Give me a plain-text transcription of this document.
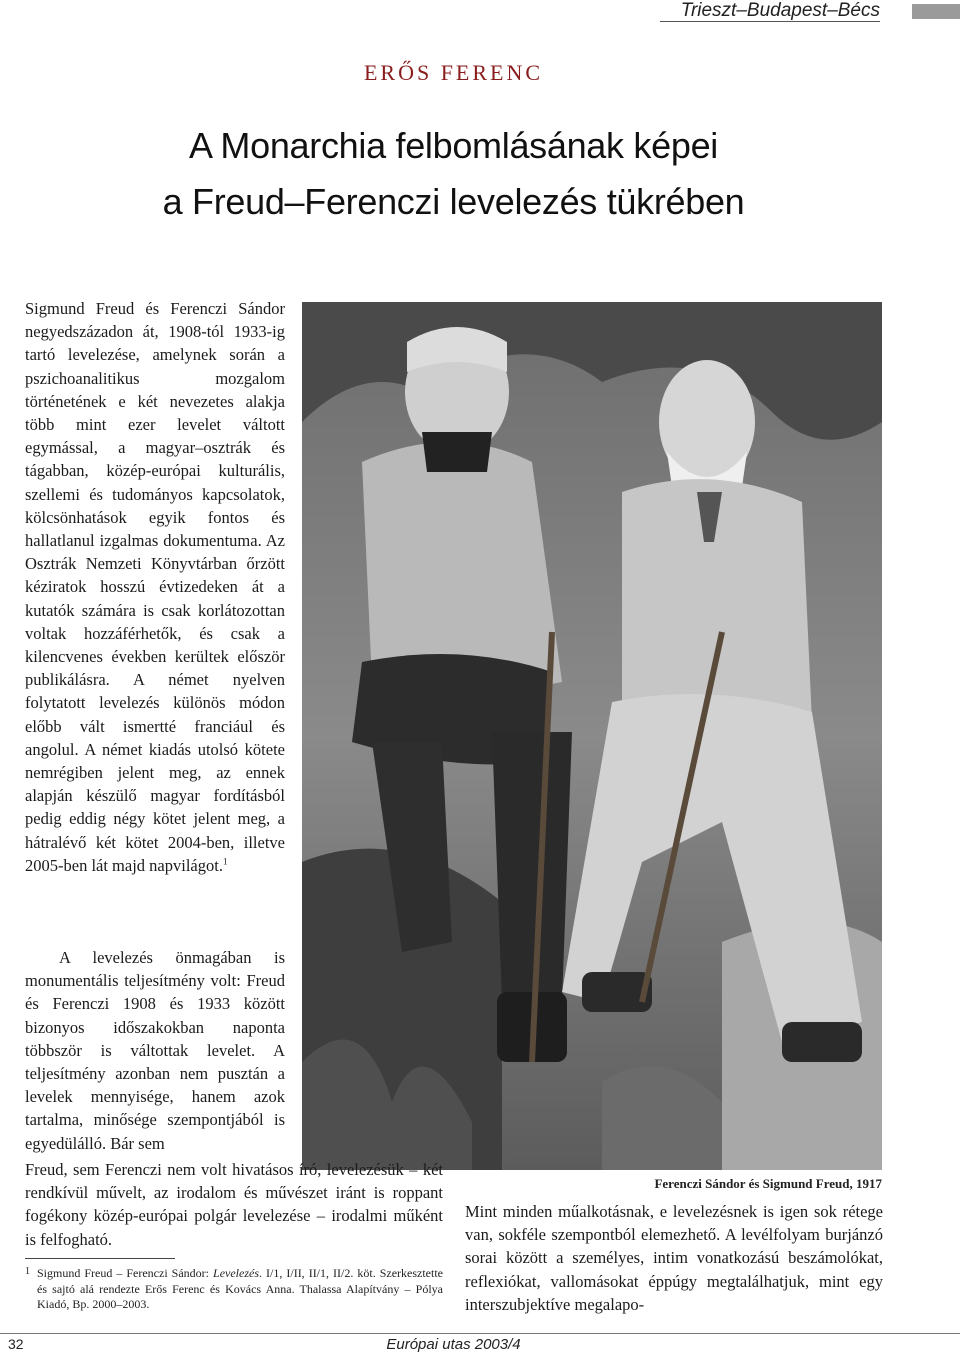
Trieszt–Budapest–Bécs
ERŐS FERENC
A Monarchia felbomlásának képei
a Freud–Ferenczi levelezés tükrében
Ferenczi Sándor és Sigmund Freud, 1917

Sigmund Freud és Ferenczi Sándor negyedszázadon át, 1908-tól 1933-ig tartó levelezése, amelynek során a pszichoanalitikus mozgalom történetének e két nevezetes alakja több mint ezer levelet váltott egymással, a magyar–osztrák és tágabban, közép-európai kulturális, szellemi és tudományos kapcsolatok, kölcsönhatások egyik fontos és hallatlanul izgalmas dokumentuma. Az Osztrák Nemzeti Könyvtárban őrzött kéziratok hosszú évtizedeken át a kutatók számára is csak korlátozottan voltak hozzáférhetők, és csak a kilencvenes években kerültek először publikálásra. A német nyelven folytatott levelezés különös módon előbb vált ismertté franciául és angolul. A német kiadás utolsó kötete nemrégiben jelent meg, az ennek alapján készülő magyar fordításból pedig eddig négy kötet jelent meg, a hátralévő két kötet 2004-ben, illetve 2005-ben lát majd napvilágot.$^1$

A levelezés önmagában is monumentális teljesítmény volt: Freud és Ferenczi 1908 és 1933 között bizonyos időszakokban naponta többször is váltottak levelet. A teljesítmény azonban nem pusztán a levelek mennyisége, hanem azok tartalma, minősége szempontjából is egyedülálló. Bár sem

Freud, sem Ferenczi nem volt hivatásos író, levelezésük – két rendkívül művelt, az irodalom és művészet iránt is roppant fogékony közép-európai polgár levelezése – irodalmi műként is felfogható.

Mint minden műalkotásnak, e levelezésnek is igen sok rétege van, sokféle szempontból elemezhető. A levélfolyam burjánzó sorai között a személyes, intim vonatkozású beszámolókat, reflexiókat, vallomásokat éppúgy megtalálhatjuk, mint egy interszubjektíve megalapo-

1 Sigmund Freud – Ferenczi Sándor: Levelezés. I/1, I/II, II/1, II/2. köt. Szerkesztette és sajtó alá rendezte Erős Ferenc és Kovács Anna. Thalassa Alapítvány – Pólya Kiadó, Bp. 2000–2003.
32	Európai utas 2003/4
